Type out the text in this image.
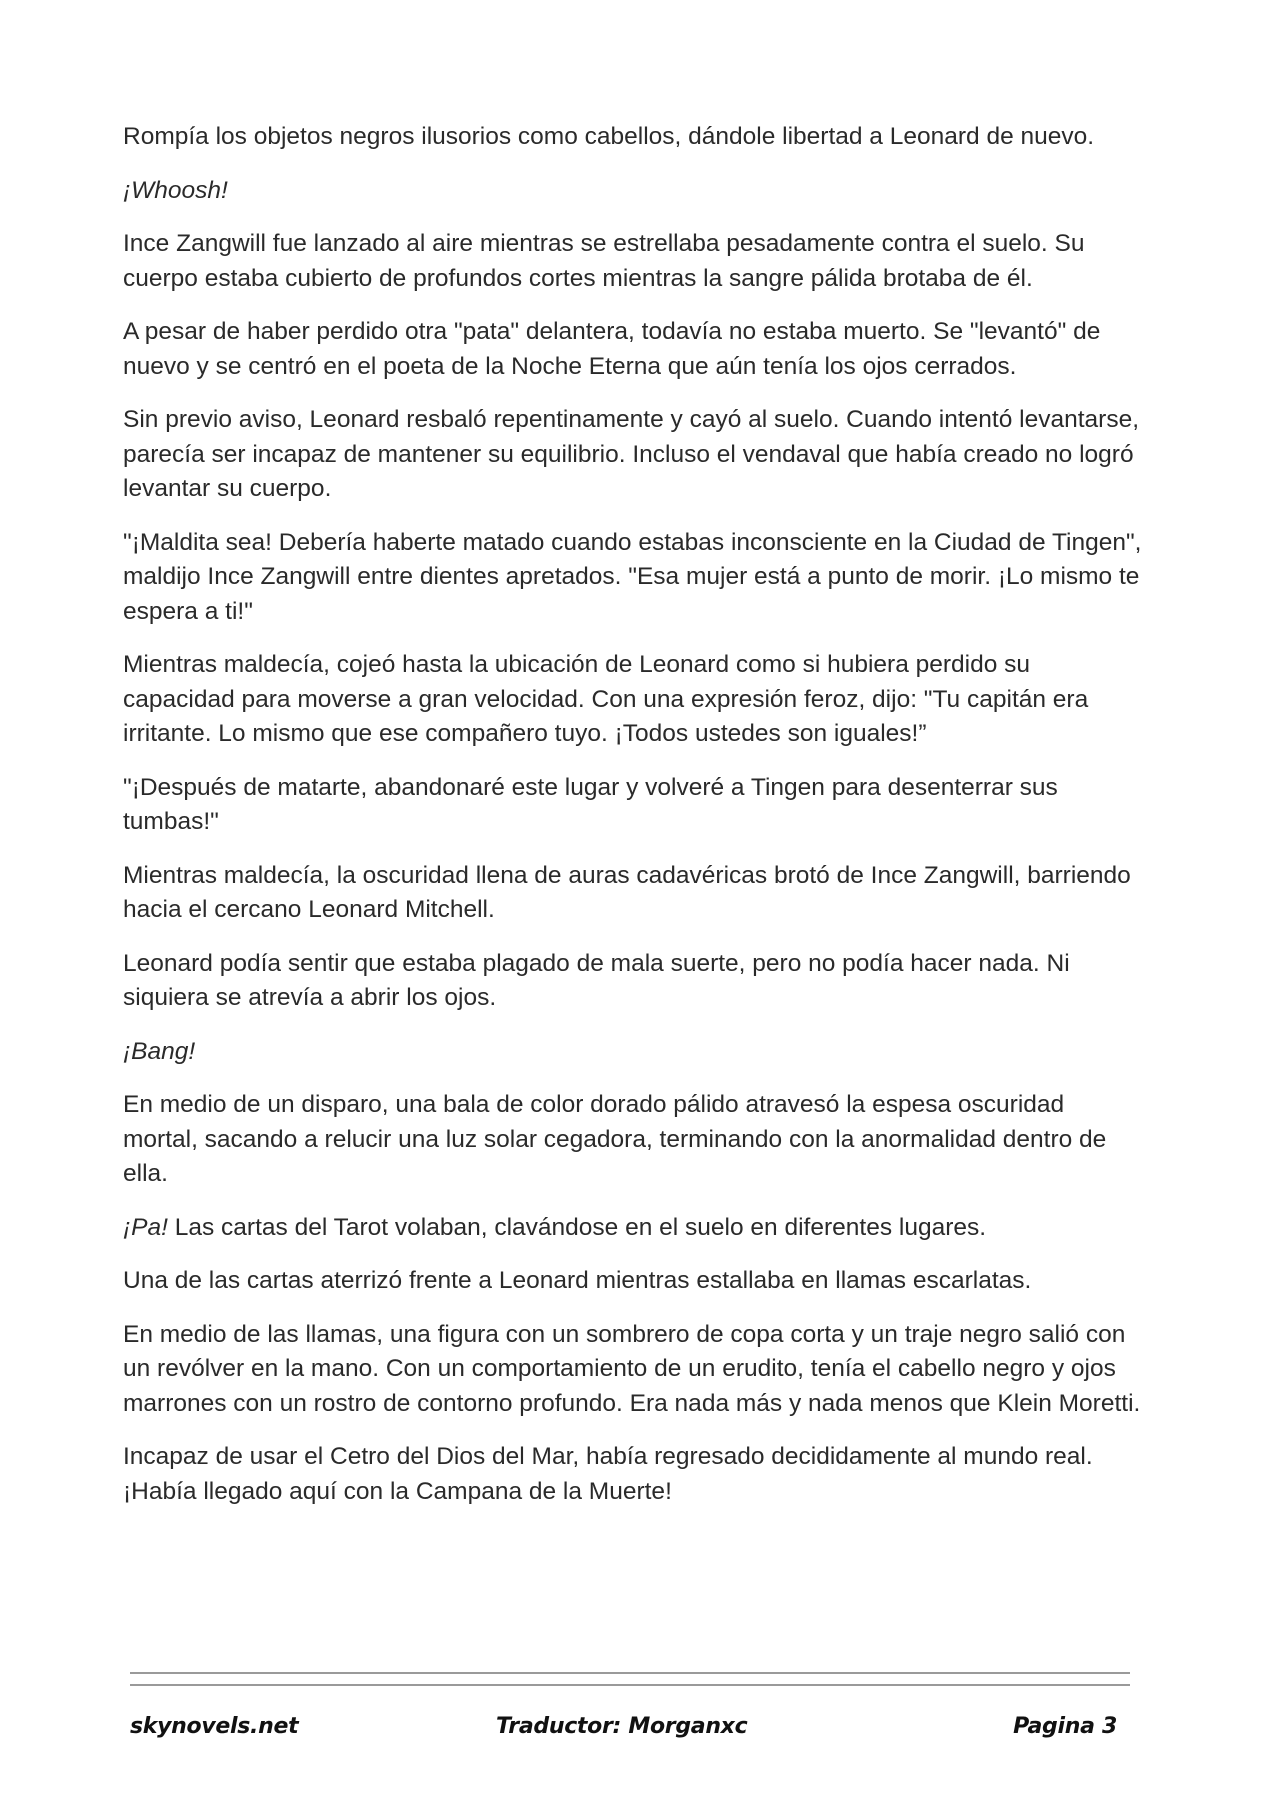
Rompía los objetos negros ilusorios como cabellos, dándole libertad a Leonard de nuevo.

¡Whoosh!

Ince Zangwill fue lanzado al aire mientras se estrellaba pesadamente contra el suelo. Su cuerpo estaba cubierto de profundos cortes mientras la sangre pálida brotaba de él.

A pesar de haber perdido otra "pata" delantera, todavía no estaba muerto. Se "levantó" de nuevo y se centró en el poeta de la Noche Eterna que aún tenía los ojos cerrados.

Sin previo aviso, Leonard resbaló repentinamente y cayó al suelo. Cuando intentó levantarse, parecía ser incapaz de mantener su equilibrio. Incluso el vendaval que había creado no logró levantar su cuerpo.

"¡Maldita sea! Debería haberte matado cuando estabas inconsciente en la Ciudad de Tingen", maldijo Ince Zangwill entre dientes apretados. "Esa mujer está a punto de morir. ¡Lo mismo te espera a ti!"

Mientras maldecía, cojeó hasta la ubicación de Leonard como si hubiera perdido su capacidad para moverse a gran velocidad. Con una expresión feroz, dijo: "Tu capitán era irritante. Lo mismo que ese compañero tuyo. ¡Todos ustedes son iguales!”

"¡Después de matarte, abandonaré este lugar y volveré a Tingen para desenterrar sus tumbas!"

Mientras maldecía, la oscuridad llena de auras cadavéricas brotó de Ince Zangwill, barriendo hacia el cercano Leonard Mitchell.

Leonard podía sentir que estaba plagado de mala suerte, pero no podía hacer nada. Ni siquiera se atrevía a abrir los ojos.

¡Bang!

En medio de un disparo, una bala de color dorado pálido atravesó la espesa oscuridad mortal, sacando a relucir una luz solar cegadora, terminando con la anormalidad dentro de ella.

¡Pa! Las cartas del Tarot volaban, clavándose en el suelo en diferentes lugares.

Una de las cartas aterrizó frente a Leonard mientras estallaba en llamas escarlatas.

En medio de las llamas, una figura con un sombrero de copa corta y un traje negro salió con un revólver en la mano. Con un comportamiento de un erudito, tenía el cabello negro y ojos marrones con un rostro de contorno profundo. Era nada más y nada menos que Klein Moretti.

Incapaz de usar el Cetro del Dios del Mar, había regresado decididamente al mundo real. ¡Había llegado aquí con la Campana de la Muerte!

skynovels.net	Traductor: Morganxc	Pagina 3
